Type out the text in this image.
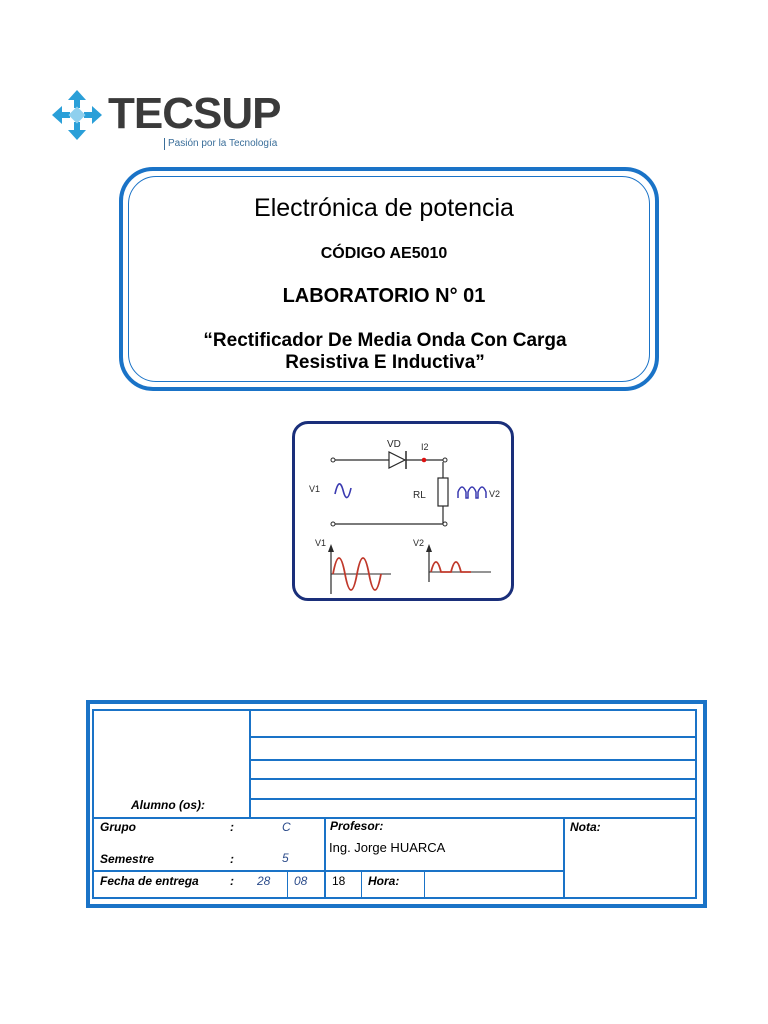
TECSUP
Pasión por la Tecnología
Electrónica de potencia
CÓDIGO AE5010
LABORATORIO N° 01
“Rectificador De Media Onda Con Carga
Resistiva E Inductiva”
VD I2
V1
RL	V2
V1	V2
Alumno (os):
Grupo	:	C
Semestre	:	5
Fecha de entrega	: 28 08 18 Hora:
Profesor:
Ing. Jorge HUARCA
Nota:
